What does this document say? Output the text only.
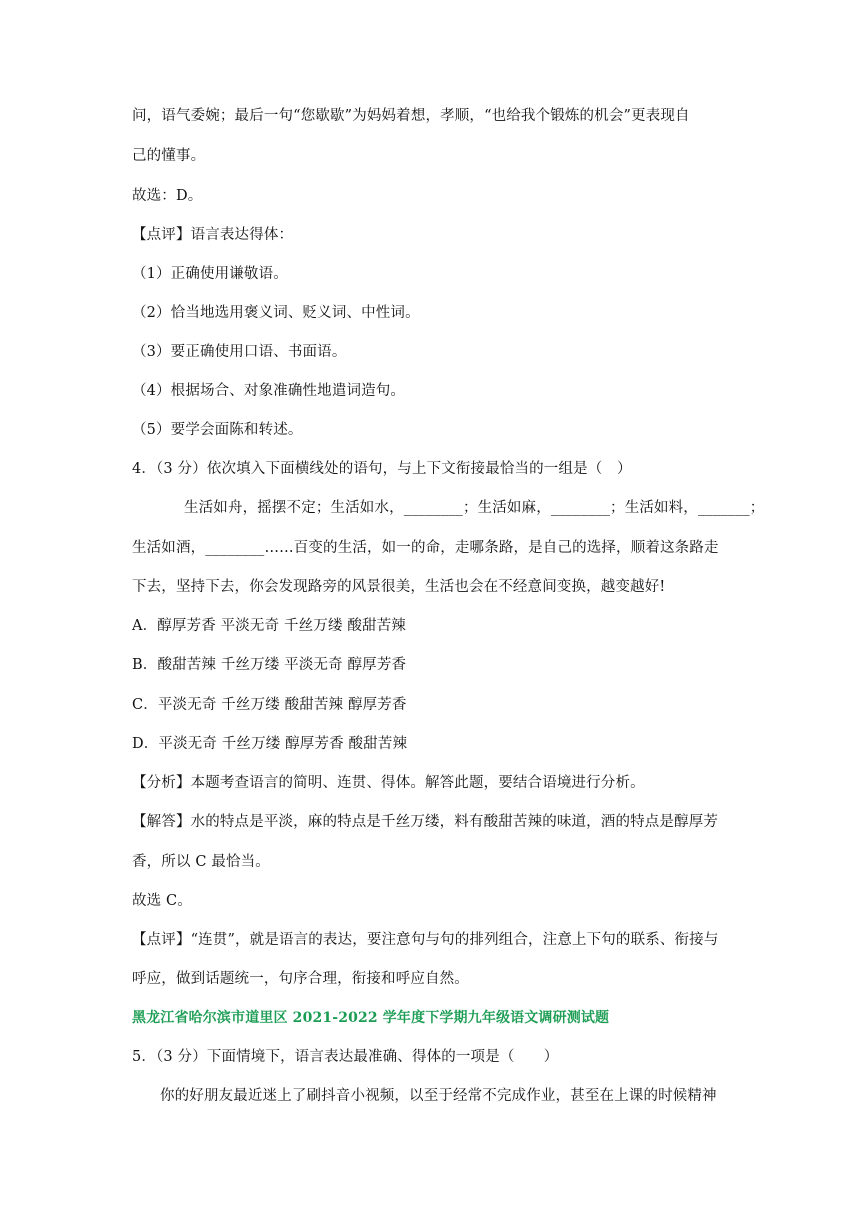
问，语气委婉；最后一句“您歇歇”为妈妈着想，孝顺，“也给我个锻炼的机会”更表现自
己的懂事。
故选：D。
【点评】语言表达得体：
（1）正确使用谦敬语。
（2）恰当地选用褒义词、贬义词、中性词。
（3）要正确使用口语、书面语。
（4）根据场合、对象准确性地遣词造句。
（5）要学会面陈和转述。
4．（3 分）依次填入下面横线处的语句，与上下文衔接最恰当的一组是（　）
生活如舟，摇摆不定；生活如水，________；生活如麻，________；生活如料，_______；
生活如酒，________……百变的生活，如一的命，走哪条路，是自己的选择，顺着这条路走
下去，坚持下去，你会发现路旁的风景很美，生活也会在不经意间变换，越变越好!
A．醇厚芳香 平淡无奇 千丝万缕 酸甜苦辣
B．酸甜苦辣 千丝万缕 平淡无奇 醇厚芳香
C．平淡无奇 千丝万缕 酸甜苦辣 醇厚芳香
D．平淡无奇 千丝万缕 醇厚芳香 酸甜苦辣
【分析】本题考查语言的简明、连贯、得体。解答此题，要结合语境进行分析。
【解答】水的特点是平淡，麻的特点是千丝万缕，料有酸甜苦辣的味道，酒的特点是醇厚芳
香，所以 C 最恰当。
故选 C。
【点评】“连贯”，就是语言的表达，要注意句与句的排列组合，注意上下句的联系、衔接与
呼应，做到话题统一，句序合理，衔接和呼应自然。
黑龙江省哈尔滨市道里区 2021-2022 学年度下学期九年级语文调研测试题
5．（3 分）下面情境下，语言表达最准确、得体的一项是（　　）
你的好朋友最近迷上了刷抖音小视频，以至于经常不完成作业，甚至在上课的时候精神
